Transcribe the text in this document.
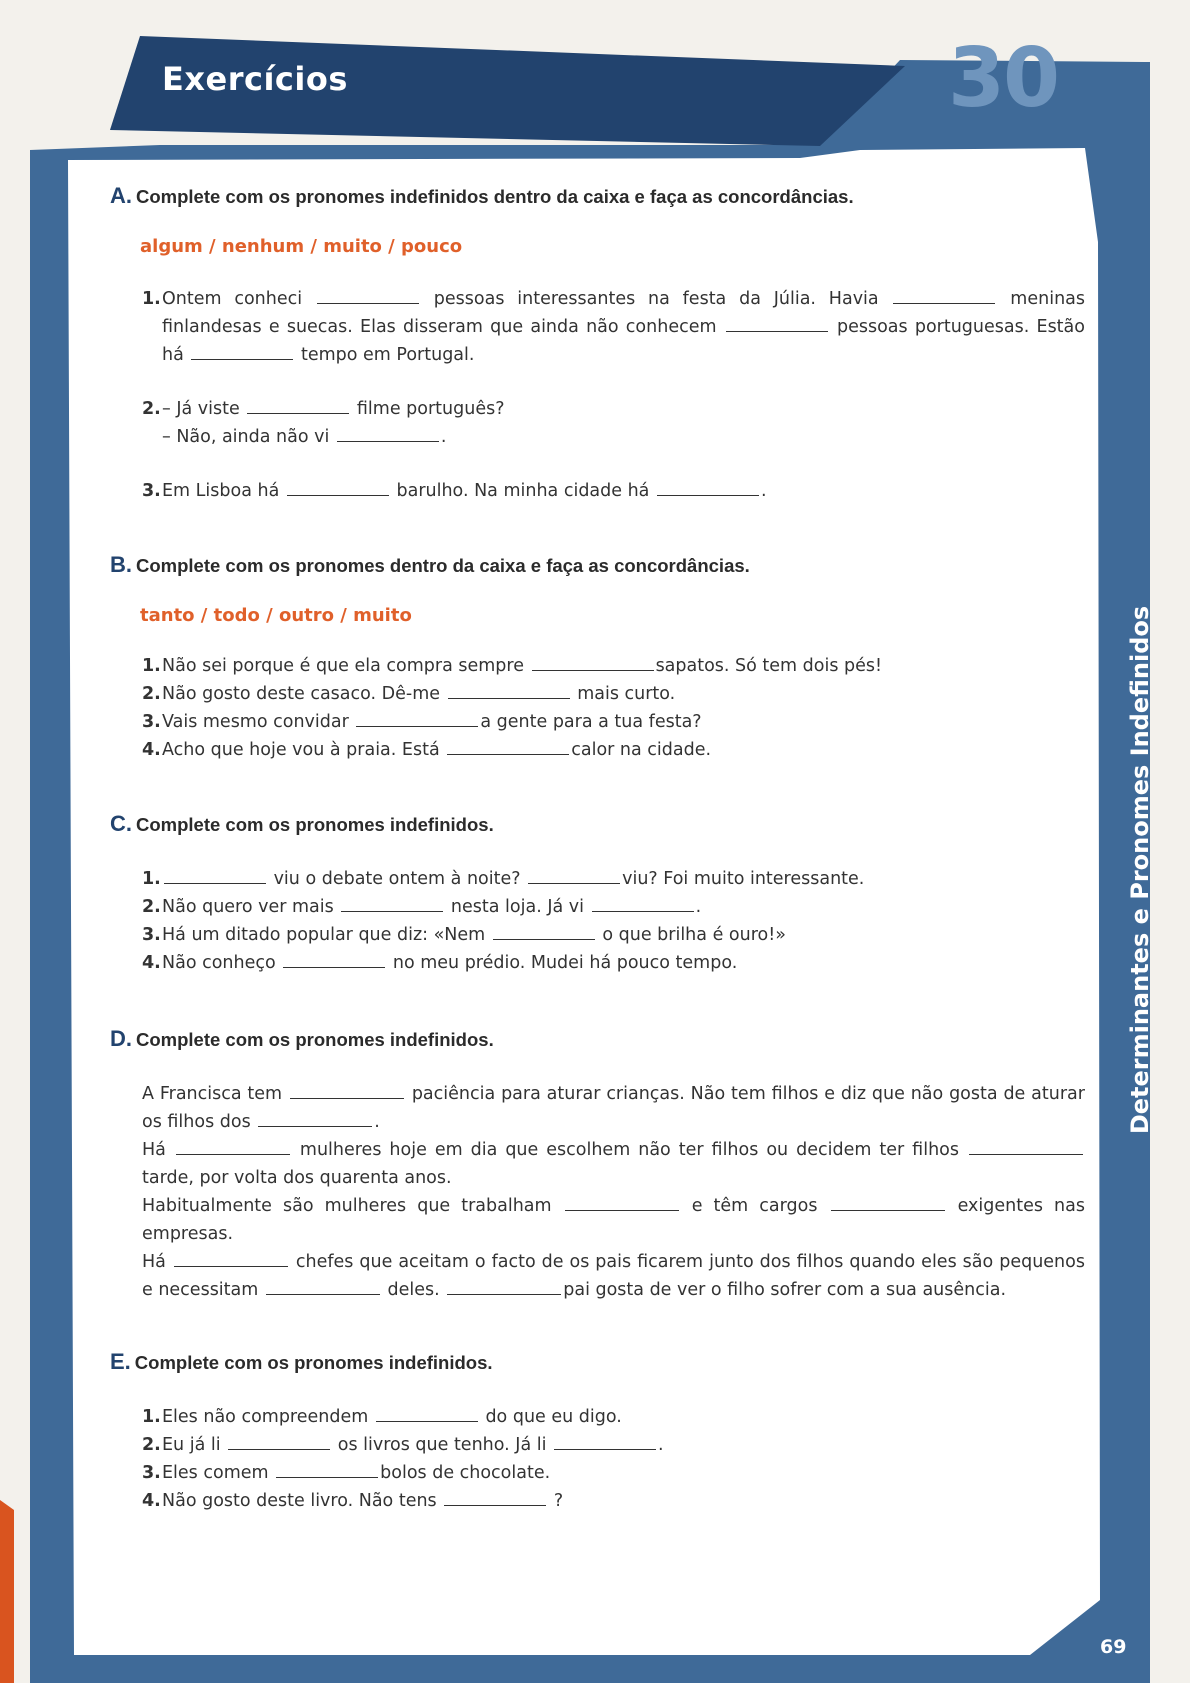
Exercícios	30
Determinantes e Pronomes Indefinidos
69
A. Complete com os pronomes indefinidos dentro da caixa e faça as concordâncias.
algum / nenhum / muito / pouco
1. Ontem conheci	pessoas interessantes na festa da Júlia. Havia	meninas finlandesas e suecas. Elas disseram que ainda não conhecem	pessoas portuguesas. Estão há	tempo em Portugal.
2. – Já viste	filme português?
– Não, ainda não vi	.
3. Em Lisboa há	barulho. Na minha cidade há	.
B. Complete com os pronomes dentro da caixa e faça as concordâncias.
tanto / todo / outro / muito
1. Não sei porque é que ela compra sempre	sapatos. Só tem dois pés!
2. Não gosto deste casaco. Dê-me	mais curto.
3. Vais mesmo convidar	a gente para a tua festa?
4. Acho que hoje vou à praia. Está	calor na cidade.
C. Complete com os pronomes indefinidos.
1.	viu o debate ontem à noite?	viu? Foi muito interessante.
2. Não quero ver mais	nesta loja. Já vi	.
3. Há um ditado popular que diz: «Nem	o que brilha é ouro!»
4. Não conheço	no meu prédio. Mudei há pouco tempo.
D. Complete com os pronomes indefinidos.
A Francisca tem	paciência para aturar crianças. Não tem filhos e diz que não gosta de aturar os filhos dos	.
Há	mulheres hoje em dia que escolhem não ter filhos ou decidem ter filhos  tarde, por volta dos quarenta anos.
Habitualmente são mulheres que trabalham	e têm cargos	exigentes nas empresas.
Há	chefes que aceitam o facto de os pais ficarem junto dos filhos quando eles são pequenos e necessitam	deles.	pai gosta de ver o filho sofrer com a sua ausência.
E. Complete com os pronomes indefinidos.
1. Eles não compreendem	do que eu digo.
2. Eu já li	os livros que tenho. Já li	.
3. Eles comem	bolos de chocolate.
4. Não gosto deste livro. Não tens	?
